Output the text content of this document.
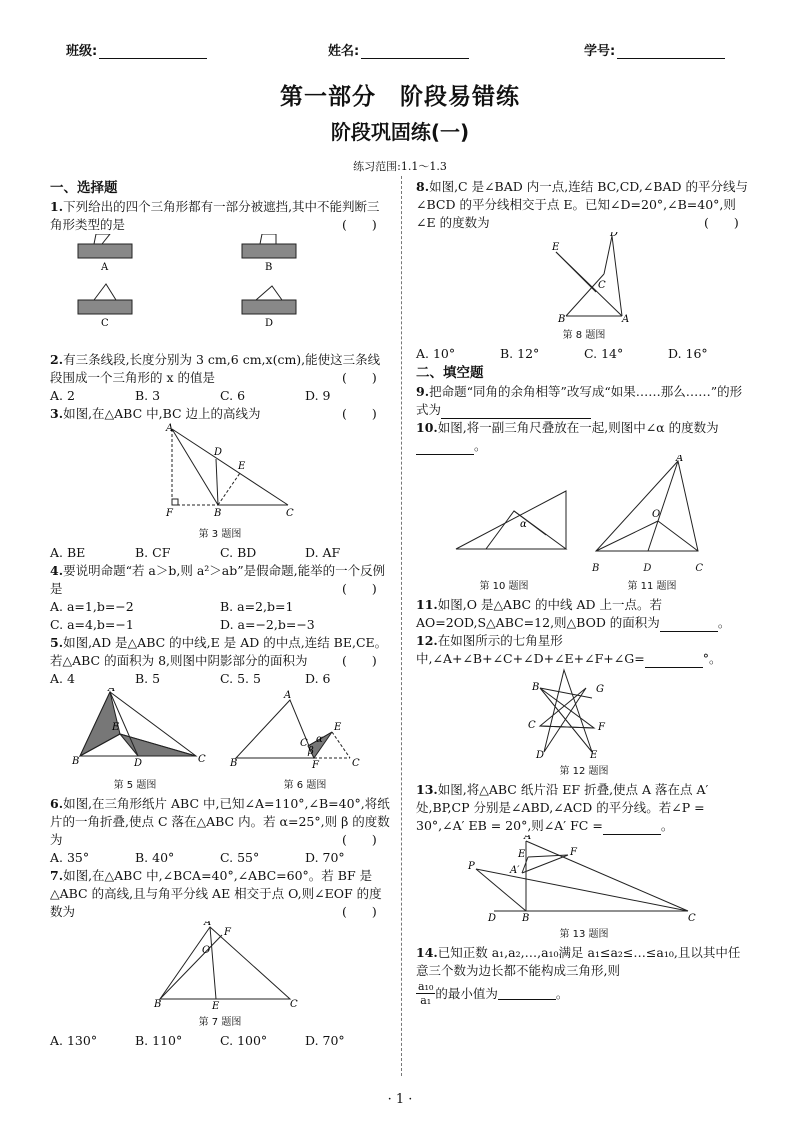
班级:	姓名:	学号:
第一部分　阶段易错练
阶段巩固练(一)
练习范围:1.1～1.3
一、选择题
1.下列给出的四个三角形都有一部分被遮挡,其中不能判断三角形类型的是	(　　)
A	B
C	D
2.有三条线段,长度分别为 3 cm,6 cm,x(cm),能使这三条线段围成一个三角形的 x 的值是	(　　)
A. 2	B. 3	C. 6	D. 9
3.如图,在△ABC 中,BC 边上的高线为	(　　)
A
D
E
F	B	C
第 3 题图
A. BE	B. CF	C. BD	D. AF
4.要说明命题“若 a＞b,则 a²＞ab”是假命题,能举的一个反例是	(　　)
A. a=1,b=−2	B. a=2,b=1
C. a=4,b=−1	D. a=−2,b=−3
5.如图,AD 是△ABC 的中线,E 是 AD 的中点,连结 BE,CE。若△ABC 的面积为 8,则图中阴影部分的面积为	(　　)
A. 4	B. 5	C. 5. 5	D. 6
A
E
B	D	C
A
E
C
B	F	C
α
β
第 5 题图	第 6 题图
6.如图,在三角形纸片 ABC 中,已知∠A=110°,∠B=40°,将纸片的一角折叠,使点 C 落在△ABC 内。若 α=25°,则 β 的度数为	(　　)
A. 35°	B. 40°	C. 55°	D. 70°
7.如图,在△ABC 中,∠BCA=40°,∠ABC=60°。若 BF 是△ABC 的高线,且与角平分线 AE 相交于点 O,则∠EOF 的度数为	(　　)
A
F
O
B	E	C
第 7 题图
A. 130°	B. 110°	C. 100°	D. 70°
8.如图,C 是∠BAD 内一点,连结 BC,CD,∠BAD 的平分线与∠BCD 的平分线相交于点 E。已知∠D=20°,∠B=40°,则∠E 的度数为	(　　)
E
D
C
B	A
第 8 题图
A. 10°	B. 12°	C. 14°	D. 16°
二、填空题
9.把命题“同角的余角相等”改写成“如果……那么……”的形式为
10.如图,将一副三角尺叠放在一起,则图中∠α 的度数为。
α
A
O
B	D	C
第 10 题图	第 11 题图
11.如图,O 是△ABC 的中线 AD 上一点。若 AO=2OD,S△ABC=12,则△BOD 的面积为	。
12.在如图所示的七角星形中,∠A+∠B+∠C+∠D+∠E+∠F+∠G=	°。
B	G
C	F
D	E
第 12 题图
13.如图,将△ABC 纸片沿 EF 折叠,使点 A 落在点 A′处,BP,CP 分别是∠ABD,∠ACD 的平分线。若∠P = 30°,∠A′ EB = 20°,则∠A′ FC =	。
A
F
E
A′
P
D	B	C
第 13 题图
14.已知正数 a₁,a₂,…,a₁₀满足 a₁≤a₂≤…≤a₁₀,且以其中任意三个数为边长都不能构成三角形,则
$\frac{\text{a₁₀}}{\text{a₁}}$ 的最小值为	。
· 1 ·
